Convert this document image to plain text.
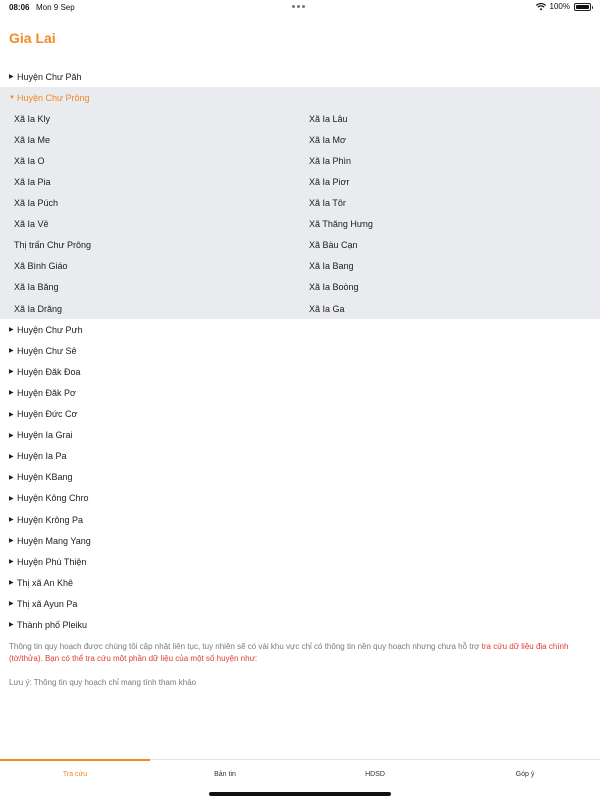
08:06 Mon 9 Sep	100%
Gia Lai
▶ Huyện Chư Păh
▼ Huyện Chư Prông
Xã Ia Kly	Xã Ia Lâu
Xã Ia Me	Xã Ia Mơ
Xã Ia O	Xã Ia Phìn
Xã Ia Pia	Xã Ia Piơr
Xã Ia Púch	Xã Ia Tôr
Xã Ia Vê	Xã Thăng Hưng
Thị trấn Chư Prông	Xã Bàu Cạn
Xã Bình Giáo	Xã Ia Bang
Xã Ia Băng	Xã Ia Boòng
Xã Ia Drăng	Xã Ia Ga
▶ Huyện Chư Pưh
▶ Huyện Chư Sê
▶ Huyện Đăk Đoa
▶ Huyện Đăk Pơ
▶ Huyện Đức Cơ
▶ Huyện Ia Grai
▶ Huyện Ia Pa
▶ Huyện KBang
▶ Huyện Kông Chro
▶ Huyện Krông Pa
▶ Huyện Mang Yang
▶ Huyện Phú Thiện
▶ Thị xã An Khê
▶ Thị xã Ayun Pa
▶ Thành phố Pleiku
Thông tin quy hoạch được chúng tôi cập nhật liên tục, tuy nhiên sẽ có vài khu vực chỉ có thông tin nền quy hoạch nhưng chưa hỗ trợ tra cứu dữ liệu địa chính (tờ/thửa). Bạn có thể tra cứu một phần dữ liệu của một số huyện như:
Lưu ý: Thông tin quy hoạch chỉ mang tính tham khảo
Tra cứu	Bản tin	HDSD	Góp ý
